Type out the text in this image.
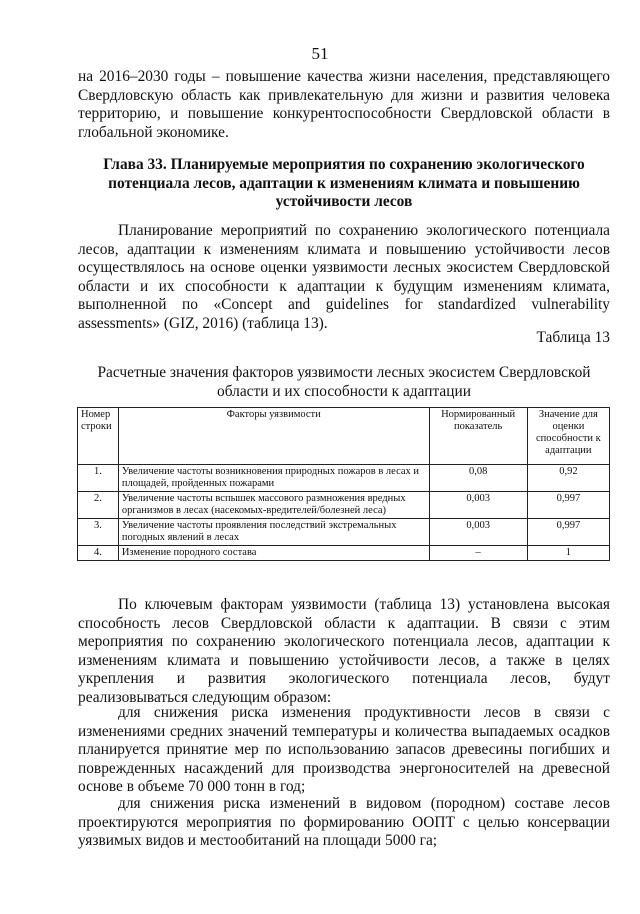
51

на 2016–2030 годы – повышение качества жизни населения, представляющего Свердловскую область как привлекательную для жизни и развития человека территорию, и повышение конкурентоспособности Свердловской области в глобальной экономике.

Глава 33. Планируемые мероприятия по сохранению экологического потенциала лесов, адаптации к изменениям климата и повышению устойчивости лесов

Планирование мероприятий по сохранению экологического потенциала лесов, адаптации к изменениям климата и повышению устойчивости лесов осуществлялось на основе оценки уязвимости лесных экосистем Свердловской области и их способности к адаптации к будущим изменениям климата, выполненной по «Concept and guidelines for standardized vulnerability assessments» (GIZ, 2016) (таблица 13).

Таблица 13

Расчетные значения факторов уязвимости лесных экосистем Свердловской области и их способности к адаптации

Номер строки	Факторы уязвимости	Нормированный показатель	Значение для оценки способности к адаптации
1.	Увеличение частоты возникновения природных пожаров в лесах и площадей, пройденных пожарами	0,08	0,92
2.	Увеличение частоты вспышек массового размножения вредных организмов в лесах (насекомых-вредителей/болезней леса)	0,003	0,997
3.	Увеличение частоты проявления последствий экстремальных погодных явлений в лесах	0,003	0,997
4.	Изменение породного состава	–	1

По ключевым факторам уязвимости (таблица 13) установлена высокая способность лесов Свердловской области к адаптации. В связи с этим мероприятия по сохранению экологического потенциала лесов, адаптации к изменениям климата и повышению устойчивости лесов, а также в целях укрепления и развития экологического потенциала лесов, будут реализовываться следующим образом:

для снижения риска изменения продуктивности лесов в связи с изменениями средних значений температуры и количества выпадаемых осадков планируется принятие мер по использованию запасов древесины погибших и поврежденных насаждений для производства энергоносителей на древесной основе в объеме 70 000 тонн в год;

для снижения риска изменений в видовом (породном) составе лесов проектируются мероприятия по формированию ООПТ с целью консервации уязвимых видов и местообитаний на площади 5000 га;
